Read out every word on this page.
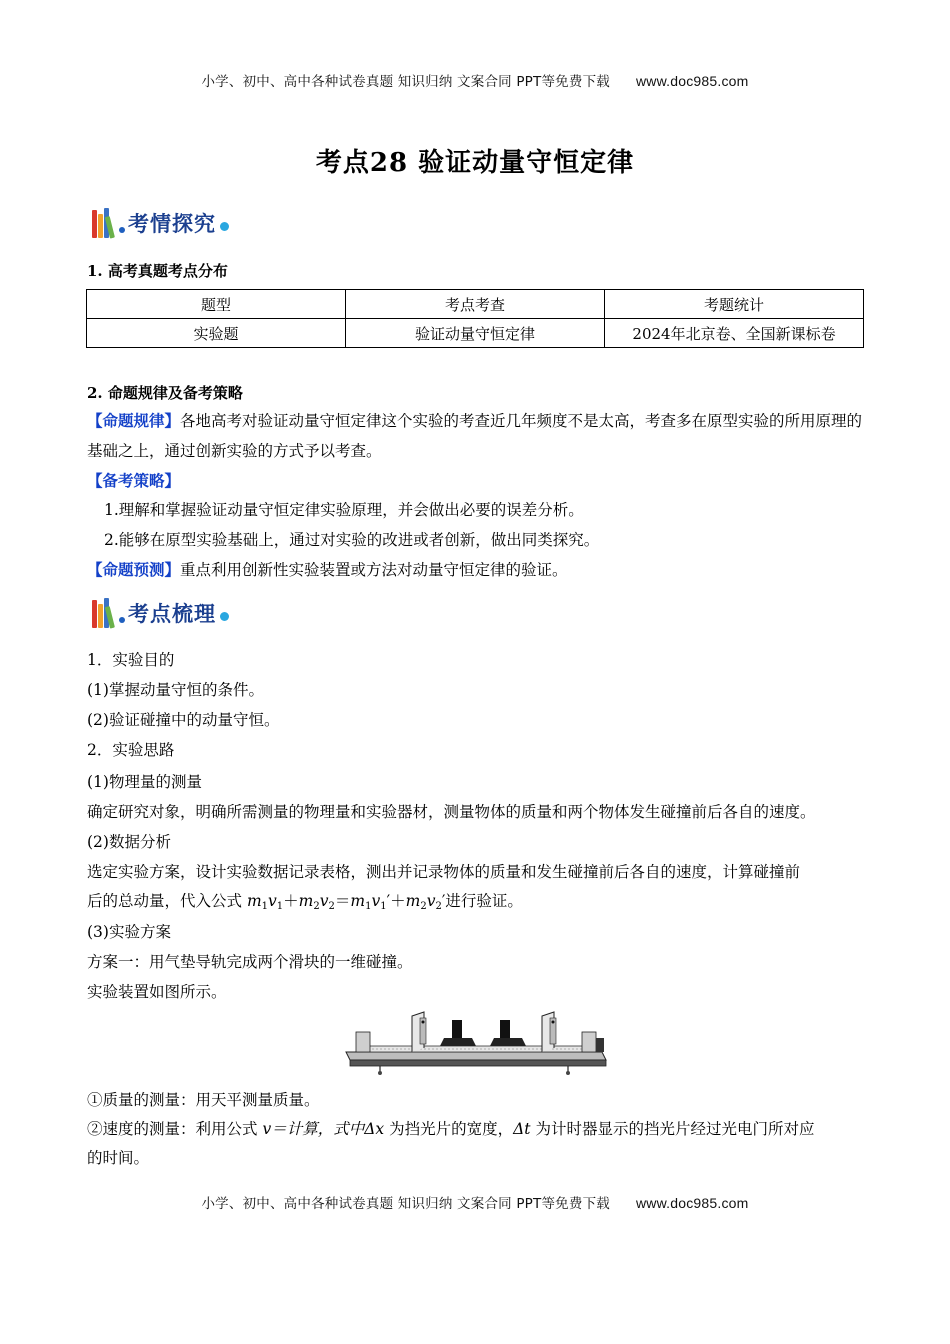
小学、初中、高中各种试卷真题 知识归纳 文案合同 PPT等免费下载 www.doc985.com
考点28 验证动量守恒定律
考情探究
1. 高考真题考点分布
题型	考点考查	考题统计
实验题	验证动量守恒定律	2024年北京卷、全国新课标卷
2. 命题规律及备考策略
【命题规律】各地高考对验证动量守恒定律这个实验的考查近几年频度不是太高，考查多在原型实验的所用原理的基础之上，通过创新实验的方式予以考查。
【备考策略】
1.理解和掌握验证动量守恒定律实验原理，并会做出必要的误差分析。
2.能够在原型实验基础上，通过对实验的改进或者创新，做出同类探究。
【命题预测】重点利用创新性实验装置或方法对动量守恒定律的验证。
考点梳理
1．实验目的
(1)掌握动量守恒的条件。
(2)验证碰撞中的动量守恒。
2．实验思路
(1)物理量的测量
确定研究对象，明确所需测量的物理量和实验器材，测量物体的质量和两个物体发生碰撞前后各自的速度。
(2)数据分析
选定实验方案，设计实验数据记录表格，测出并记录物体的质量和发生碰撞前后各自的速度，计算碰撞前
后的总动量，代入公式 $m_1v_1+m_2v_2=m_1v_1'+m_2v_2'$进行验证。
(3)实验方案
方案一：用气垫导轨完成两个滑块的一维碰撞。
实验装置如图所示。
①质量的测量：用天平测量质量。
②速度的测量：利用公式 v＝计算，式中Δx 为挡光片的宽度，Δt 为计时器显示的挡光片经过光电门所对应
的时间。
小学、初中、高中各种试卷真题 知识归纳 文案合同 PPT等免费下载 www.doc985.com
